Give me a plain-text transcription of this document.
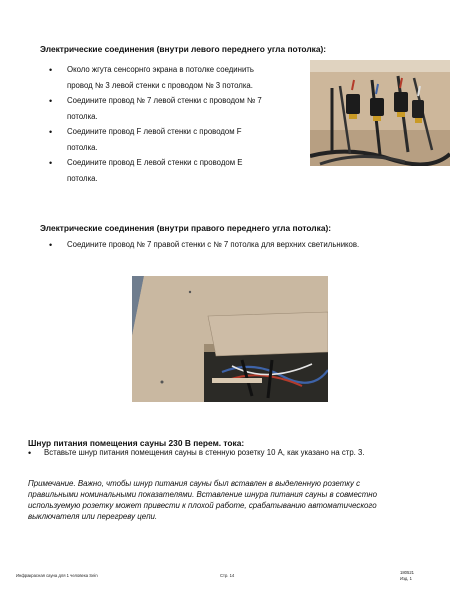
Электрические соединения (внутри левого переднего угла потолка):
• Около жгута сенсорнго экрана в потолке соединить
провод № 3 левой стенки с проводом № 3 потолка.
• Соедините провод № 7 левой стенки с проводом № 7
потолка.
• Соедините провод F левой стенки с проводом F
потолка.
• Соедините провод E левой стенки с проводом E
потолка.
Электрические соединения (внутри правого переднего угла потолка):
• Соедините провод № 7 правой стенки с № 7 потолка для верхних светильников.
Шнур питания помещения сауны 230 В перем. тока:
• Вставьте шнур питания помещения сауны в стенную розетку 10 А, как указано на стр. 3.
Примечание. Важно, чтобы шнур питания сауны был вставлен в выделенную розетку с
правильными номинальными показателями. Вставление шнура питания сауны в совместно
используемую розетку может привести к плохой работе, срабатыванию автоматического
выключателя или перегреву цепи.
Инфракрасная сауна для 1 человека Sein	Стр. 14
180521
Изд. 1
